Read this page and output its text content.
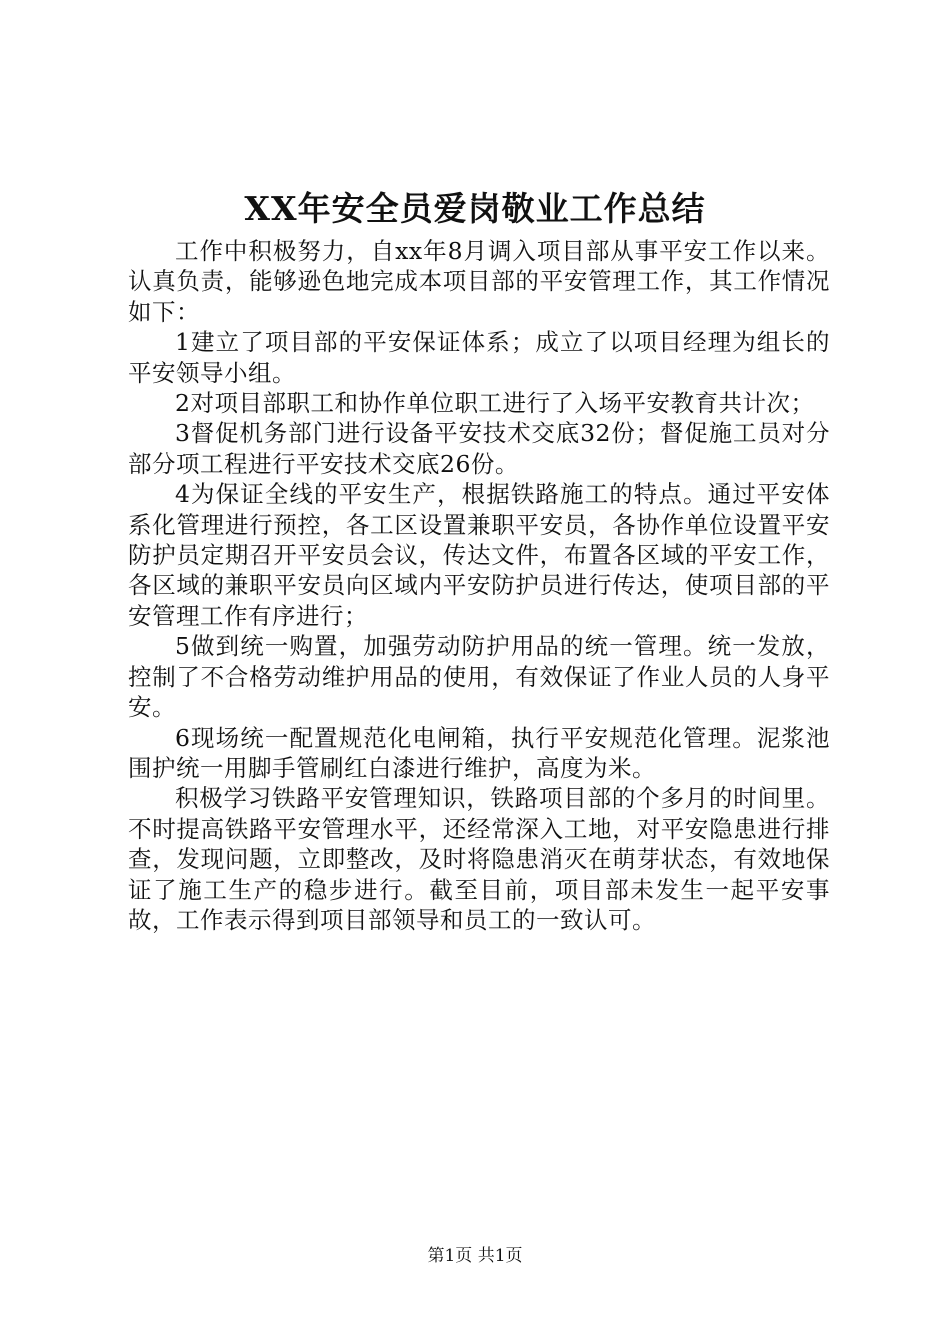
XX年安全员爱岗敬业工作总结

工作中积极努力，自xx年8月调入项目部从事平安工作以来。认真负责，能够逊色地完成本项目部的平安管理工作，其工作情况如下：

1建立了项目部的平安保证体系；成立了以项目经理为组长的平安领导小组。

2对项目部职工和协作单位职工进行了入场平安教育共计次；

3督促机务部门进行设备平安技术交底32份；督促施工员对分部分项工程进行平安技术交底26份。

4为保证全线的平安生产，根据铁路施工的特点。通过平安体系化管理进行预控，各工区设置兼职平安员，各协作单位设置平安防护员定期召开平安员会议，传达文件，布置各区域的平安工作，各区域的兼职平安员向区域内平安防护员进行传达，使项目部的平安管理工作有序进行；

5做到统一购置，加强劳动防护用品的统一管理。统一发放，控制了不合格劳动维护用品的使用，有效保证了作业人员的人身平安。

6现场统一配置规范化电闸箱，执行平安规范化管理。泥浆池围护统一用脚手管刷红白漆进行维护，高度为米。

积极学习铁路平安管理知识，铁路项目部的个多月的时间里。不时提高铁路平安管理水平，还经常深入工地，对平安隐患进行排查，发现问题，立即整改，及时将隐患消灭在萌芽状态，有效地保证了施工生产的稳步进行。截至目前，项目部未发生一起平安事故，工作表示得到项目部领导和员工的一致认可。

第1页 共1页
